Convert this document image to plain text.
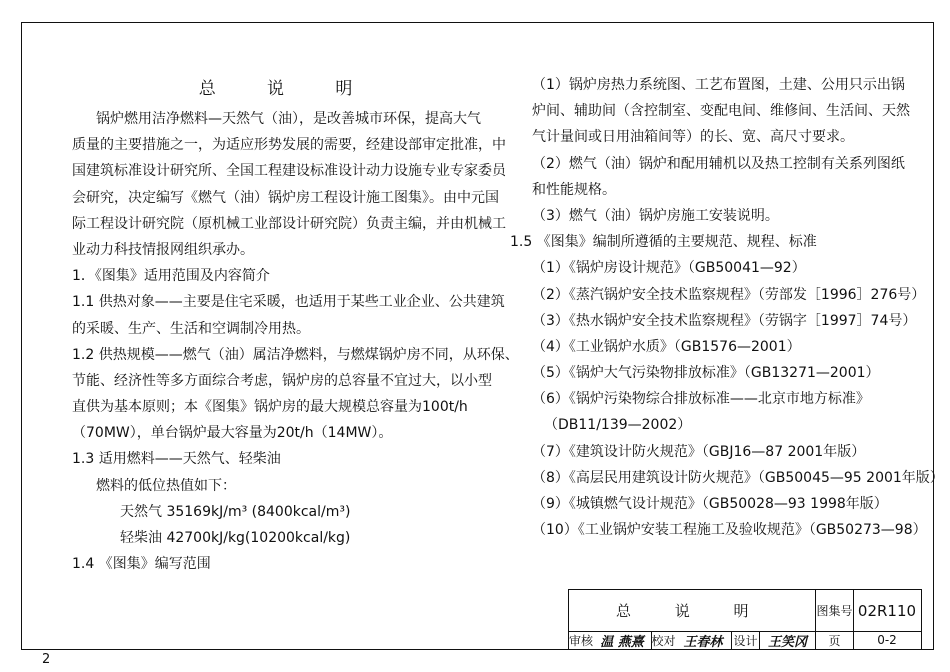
总 说 明
锅炉燃用洁净燃料—天然气（油），是改善城市环保，提高大气
质量的主要措施之一，为适应形势发展的需要，经建设部审定批准，中
国建筑标准设计研究所、全国工程建设标准设计动力设施专业专家委员
会研究，决定编写《燃气（油）锅炉房工程设计施工图集》。由中元国
际工程设计研究院（原机械工业部设计研究院）负责主编，并由机械工
业动力科技情报网组织承办。
1．《图集》适用范围及内容简介
1.1 供热对象——主要是住宅采暖，也适用于某些工业企业、公共建筑
的采暖、生产、生活和空调制冷用热。
1.2 供热规模——燃气（油）属洁净燃料，与燃煤锅炉房不同，从环保、
节能、经济性等多方面综合考虑，锅炉房的总容量不宜过大，以小型
直供为基本原则；本《图集》锅炉房的最大规模总容量为100t/h
（70MW），单台锅炉最大容量为20t/h（14MW）。
1.3 适用燃料——天然气、轻柴油
燃料的低位热值如下：
天然气 35169kJ/m³ (8400kcal/m³)
轻柴油 42700kJ/kg(10200kcal/kg)
1.4 《图集》编写范围
（1）锅炉房热力系统图、工艺布置图，土建、公用只示出锅
炉间、辅助间（含控制室、变配电间、维修间、生活间、天然
气计量间或日用油箱间等）的长、宽、高尺寸要求。
（2）燃气（油）锅炉和配用辅机以及热工控制有关系列图纸
和性能规格。
（3）燃气（油）锅炉房施工安装说明。
1.5 《图集》编制所遵循的主要规范、规程、标准
（1）《锅炉房设计规范》（GB50041—92）
（2）《蒸汽锅炉安全技术监察规程》（劳部发［1996］276号）
（3）《热水锅炉安全技术监察规程》（劳锅字［1997］74号）
（4）《工业锅炉水质》（GB1576—2001）
（5）《锅炉大气污染物排放标准》（GB13271—2001）
（6）《锅炉污染物综合排放标准——北京市地方标准》
（DB11/139—2002）
（7）《建筑设计防火规范》（GBJ16—87 2001年版）
（8）《高层民用建筑设计防火规范》（GB50045—95 2001年版）
（9）《城镇燃气设计规范》（GB50028—93 1998年版）
（10）《工业锅炉安装工程施工及验收规范》（GB50273—98）
总 说 明	图集号 02R110
审核 温 燕熹 校对 王春林 设计 王笑冈	页	0-2
2
